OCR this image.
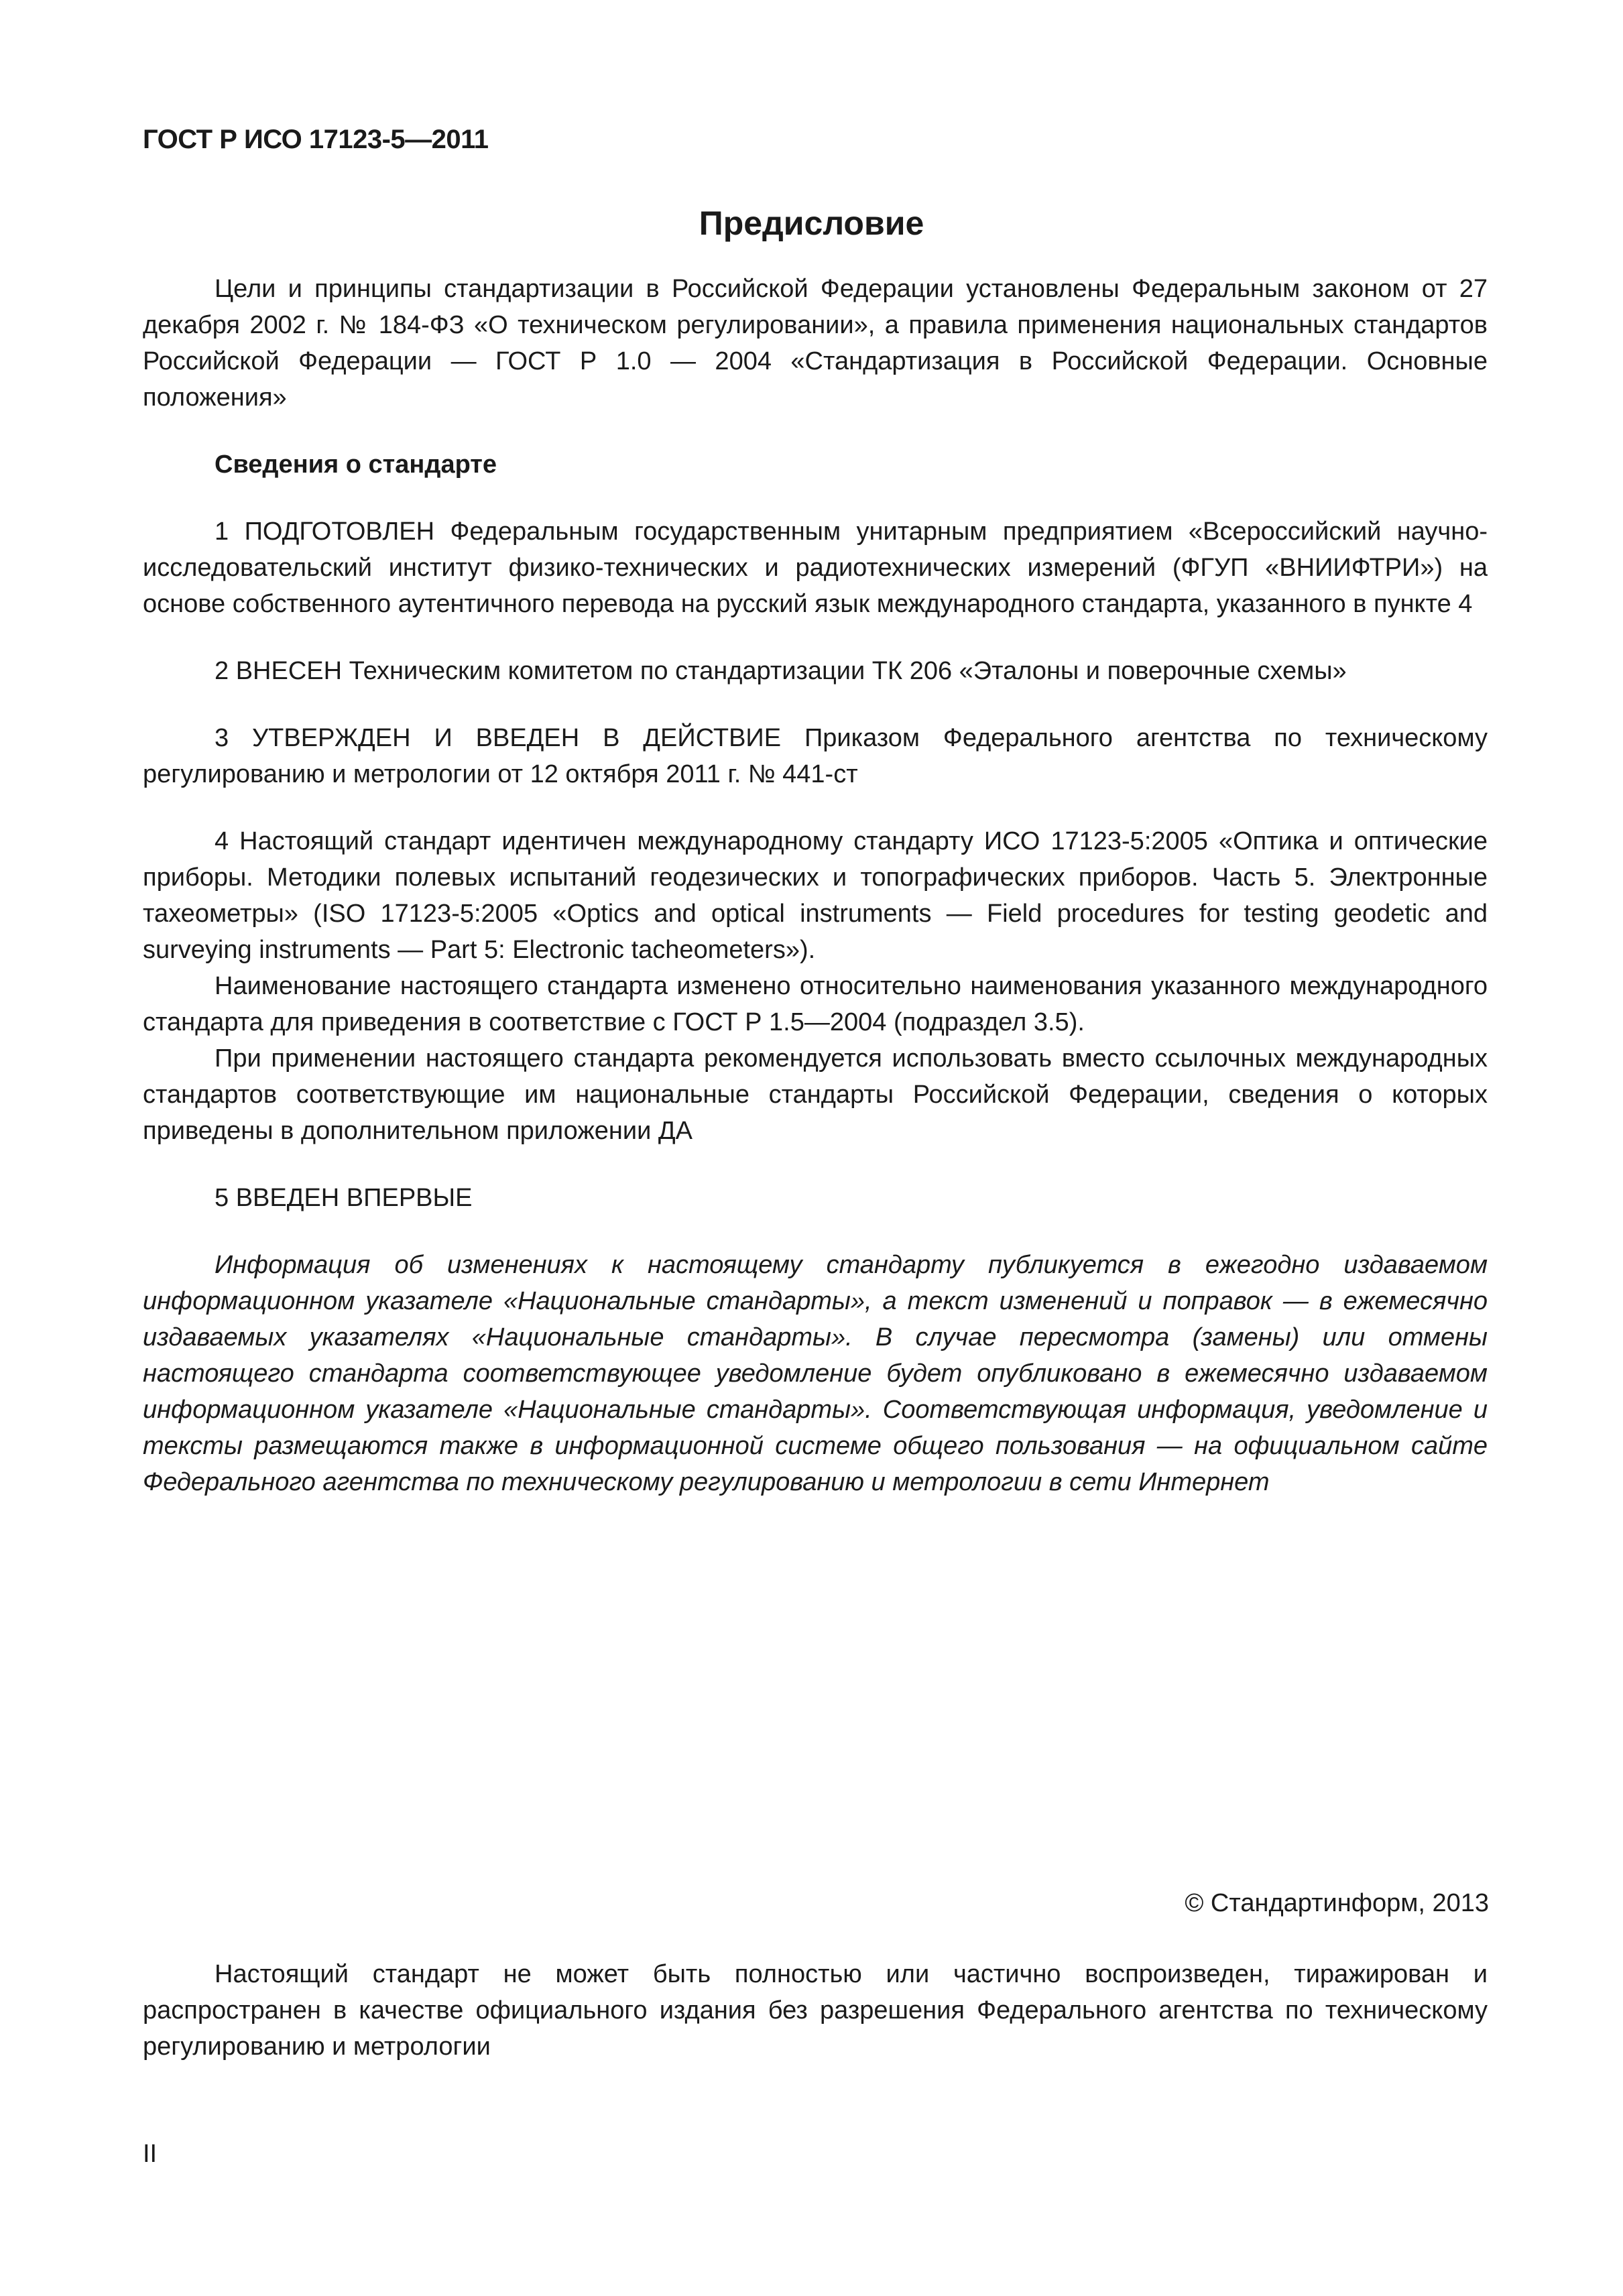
ГОСТ Р ИСО 17123-5—2011
Предисловие

Цели и принципы стандартизации в Российской Федерации установлены Федеральным законом от 27 декабря 2002 г. № 184-ФЗ «О техническом регулировании», а правила применения национальных стандартов Российской Федерации — ГОСТ Р 1.0 — 2004 «Стандартизация в Российской Федерации. Основные положения»

Сведения о стандарте

1 ПОДГОТОВЛЕН Федеральным государственным унитарным предприятием «Всероссийский научно-исследовательский институт физико-технических и радиотехнических измерений (ФГУП «ВНИИФТРИ») на основе собственного аутентичного перевода на русский язык международного стандарта, указанного в пункте 4

2 ВНЕСЕН Техническим комитетом по стандартизации ТК 206 «Эталоны и поверочные схемы»

3 УТВЕРЖДЕН И ВВЕДЕН В ДЕЙСТВИЕ Приказом Федерального агентства по техническому регулированию и метрологии от 12 октября 2011 г. № 441-ст

4 Настоящий стандарт идентичен международному стандарту ИСО 17123-5:2005 «Оптика и оптические приборы. Методики полевых испытаний геодезических и топографических приборов. Часть 5. Электронные тахеометры» (ISO 17123-5:2005 «Optics and optical instruments — Field procedures for testing geodetic and surveying instruments — Part 5: Electronic tacheometers»).

Наименование настоящего стандарта изменено относительно наименования указанного международного стандарта для приведения в соответствие с ГОСТ Р 1.5—2004 (подраздел 3.5).

При применении настоящего стандарта рекомендуется использовать вместо ссылочных международных стандартов соответствующие им национальные стандарты Российской Федерации, сведения о которых приведены в дополнительном приложении ДА

5 ВВЕДЕН ВПЕРВЫЕ

Информация об изменениях к настоящему стандарту публикуется в ежегодно издаваемом информационном указателе «Национальные стандарты», а текст изменений и поправок — в ежемесячно издаваемых указателях «Национальные стандарты». В случае пересмотра (замены) или отмены настоящего стандарта соответствующее уведомление будет опубликовано в ежемесячно издаваемом информационном указателе «Национальные стандарты». Соответствующая информация, уведомление и тексты размещаются также в информационной системе общего пользования — на официальном сайте Федерального агентства по техническому регулированию и метрологии в сети Интернет

© Стандартинформ, 2013

Настоящий стандарт не может быть полностью или частично воспроизведен, тиражирован и распространен в качестве официального издания без разрешения Федерального агентства по техническому регулированию и метрологии

II
